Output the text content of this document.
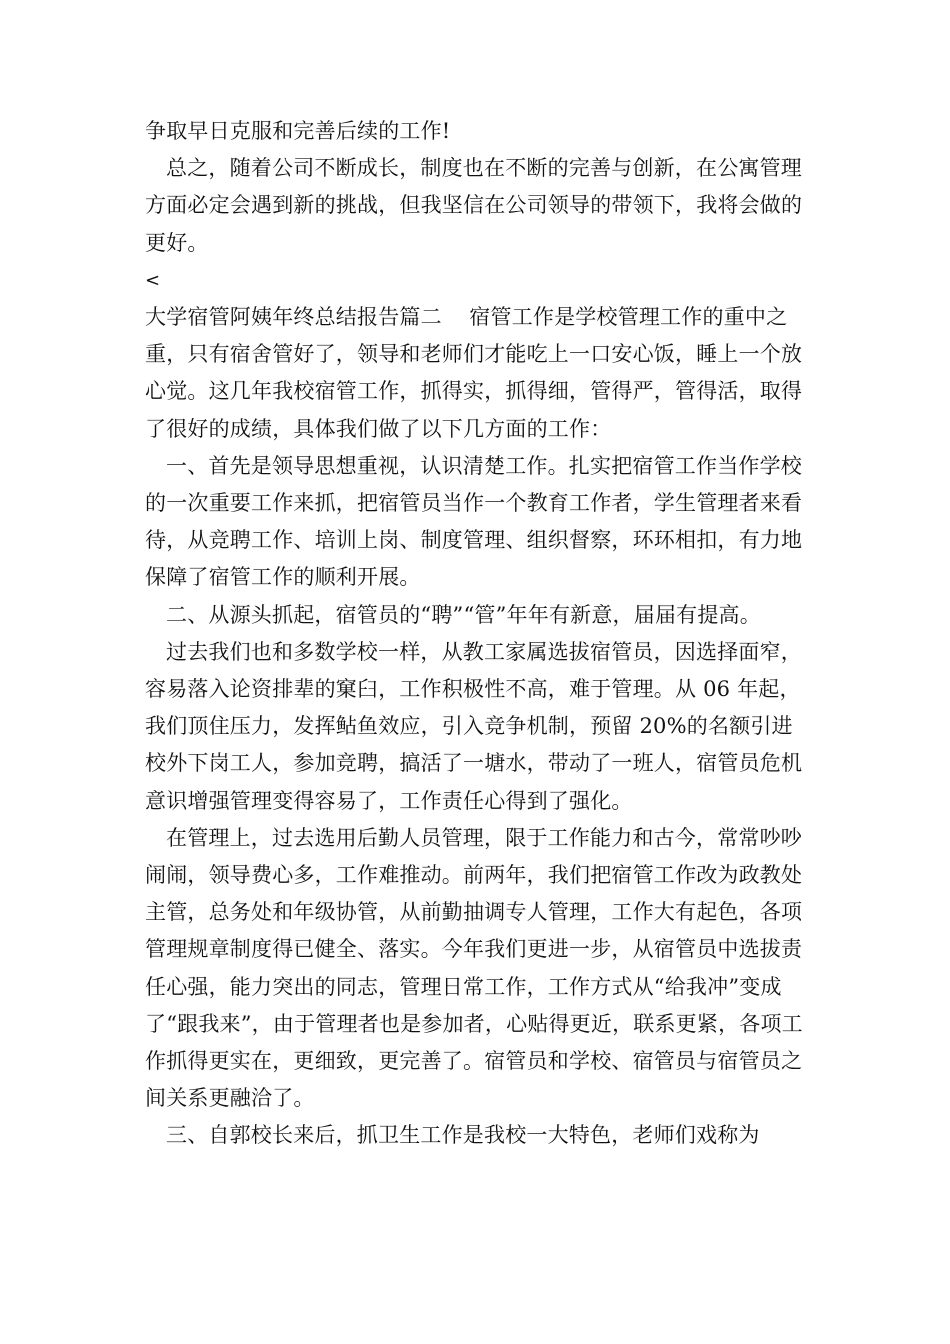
争取早日克服和完善后续的工作!

总之，随着公司不断成长，制度也在不断的完善与创新，在公寓管理方面必定会遇到新的挑战，但我坚信在公司领导的带领下，我将会做的更好。

<

大学宿管阿姨年终总结报告篇二    宿管工作是学校管理工作的重中之重，只有宿舍管好了，领导和老师们才能吃上一口安心饭，睡上一个放心觉。这几年我校宿管工作，抓得实，抓得细，管得严，管得活，取得了很好的成绩，具体我们做了以下几方面的工作：

一、首先是领导思想重视，认识清楚工作。扎实把宿管工作当作学校的一次重要工作来抓，把宿管员当作一个教育工作者，学生管理者来看待，从竞聘工作、培训上岗、制度管理、组织督察，环环相扣，有力地保障了宿管工作的顺利开展。

二、从源头抓起，宿管员的“聘”“管”年年有新意，届届有提高。

过去我们也和多数学校一样，从教工家属选拔宿管员，因选择面窄，容易落入论资排辈的窠臼，工作积极性不高，难于管理。从 06 年起，我们顶住压力，发挥鲇鱼效应，引入竞争机制，预留 20%的名额引进校外下岗工人，参加竞聘，搞活了一塘水，带动了一班人，宿管员危机意识增强管理变得容易了，工作责任心得到了强化。

在管理上，过去选用后勤人员管理，限于工作能力和古今，常常吵吵闹闹，领导费心多，工作难推动。前两年，我们把宿管工作改为政教处主管，总务处和年级协管，从前勤抽调专人管理，工作大有起色，各项管理规章制度得已健全、落实。今年我们更进一步，从宿管员中选拔责任心强，能力突出的同志，管理日常工作，工作方式从“给我冲”变成了“跟我来”，由于管理者也是参加者，心贴得更近，联系更紧，各项工作抓得更实在，更细致，更完善了。宿管员和学校、宿管员与宿管员之间关系更融洽了。

三、自郭校长来后，抓卫生工作是我校一大特色，老师们戏称为
